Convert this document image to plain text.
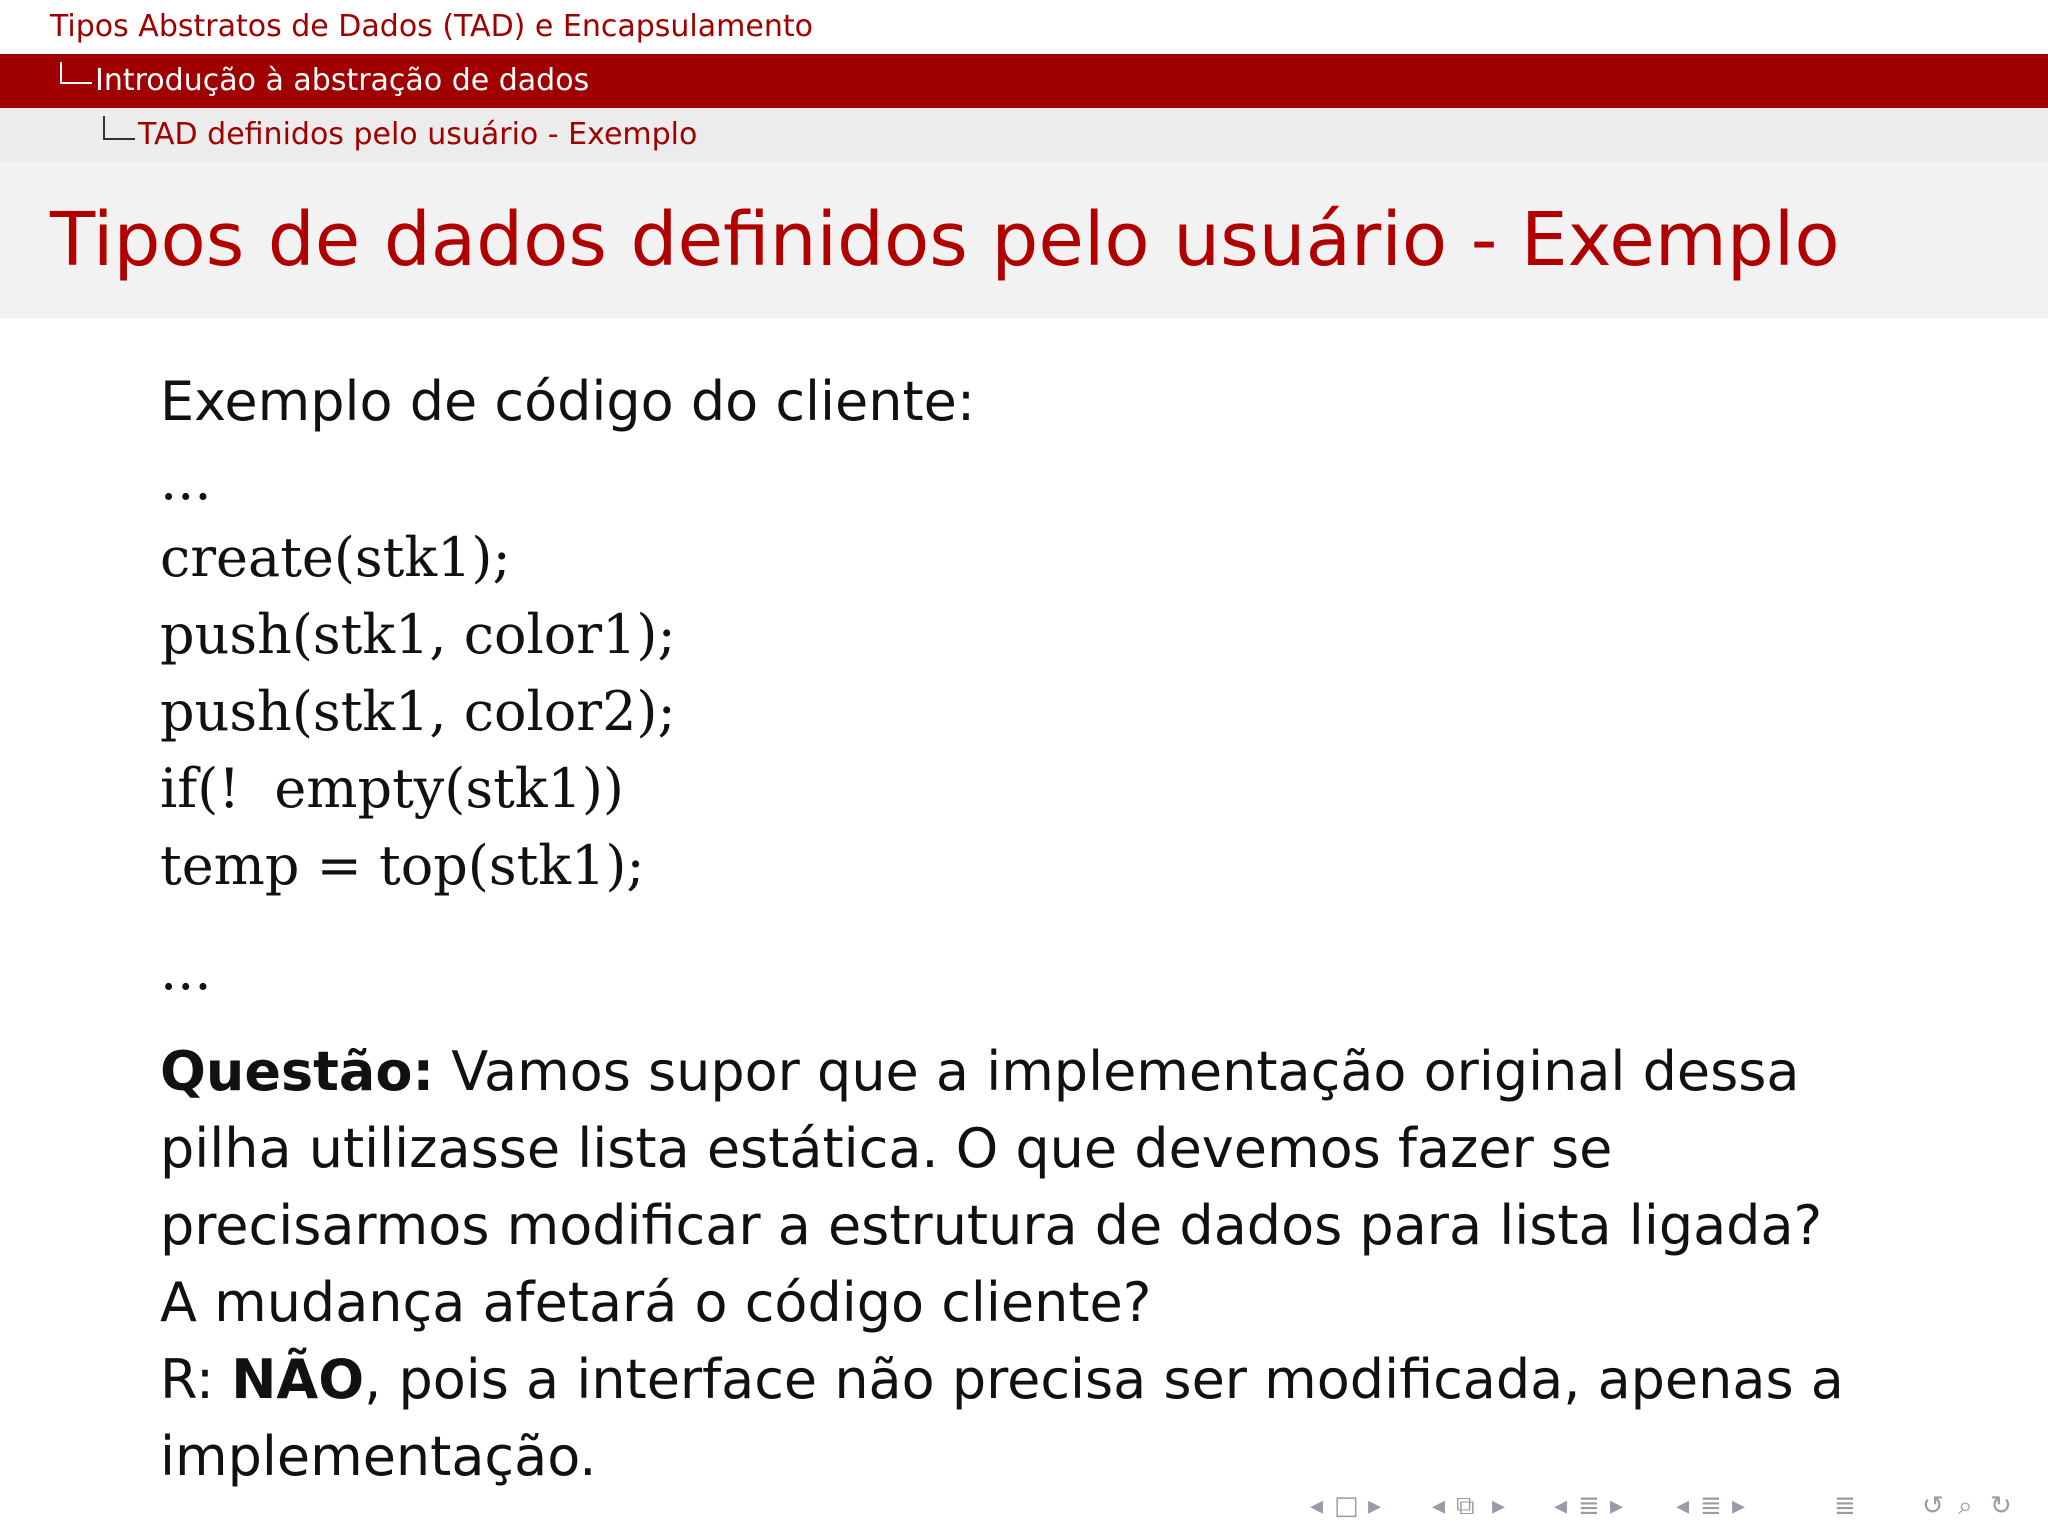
Tipos Abstratos de Dados (TAD) e Encapsulamento
Introdução à abstração de dados
TAD definidos pelo usuário - Exemplo
Tipos de dados definidos pelo usuário - Exemplo

Exemplo de código do cliente:

...

create(stk1);

push(stk1, color1);

push(stk1, color2);

if(!  empty(stk1))

temp = top(stk1);

...

Questão: Vamos supor que a implementação original dessa pilha utilizasse lista estática. O que devemos fazer se precisarmos modificar a estrutura de dados para lista ligada? A mudança afetará o código cliente?

R: NÃO, pois a interface não precisa ser modificada, apenas a implementação.

◂ □ ▸ ◂ ⧉ ▸ ◂ ≣ ▸ ◂ ≣ ▸	≣	↺ ⌕ ↻
